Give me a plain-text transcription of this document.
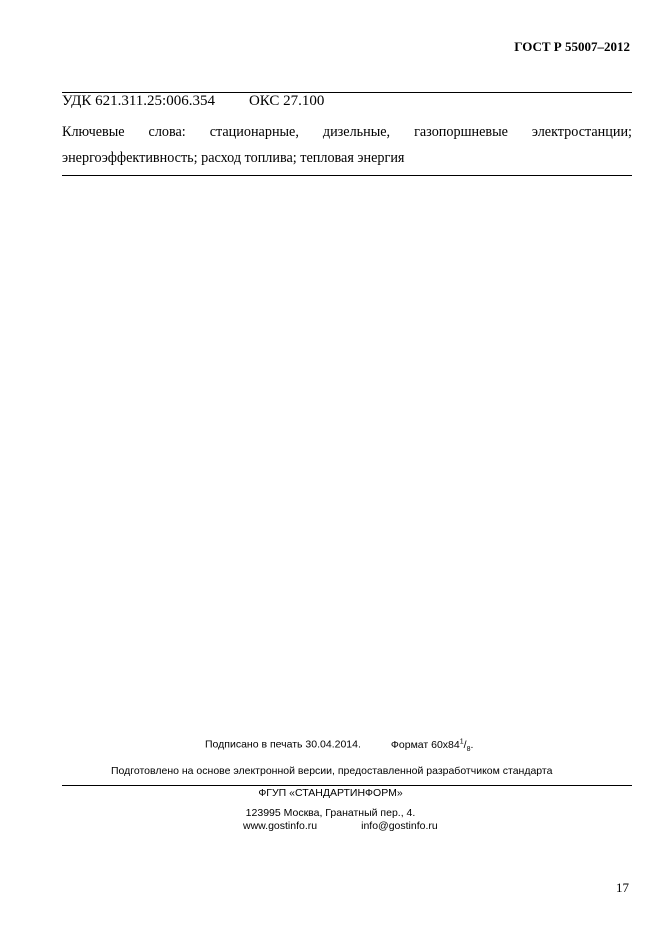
ГОСТ Р 55007–2012
УДК 621.311.25:006.354 ОКС 27.100
Ключевые слова: стационарные, дизельные, газопоршневые электростанции; энергоэффективность; расход топлива; тепловая энергия
Подписано в печать 30.04.2014.	Формат $60х84^1/_8$.
Подготовлено на основе электронной версии, предоставленной разработчиком стандарта
ФГУП «СТАНДАРТИНФОРМ»
123995 Москва, Гранатный пер., 4.
www.gostinfo.ru	info@gostinfo.ru
17
